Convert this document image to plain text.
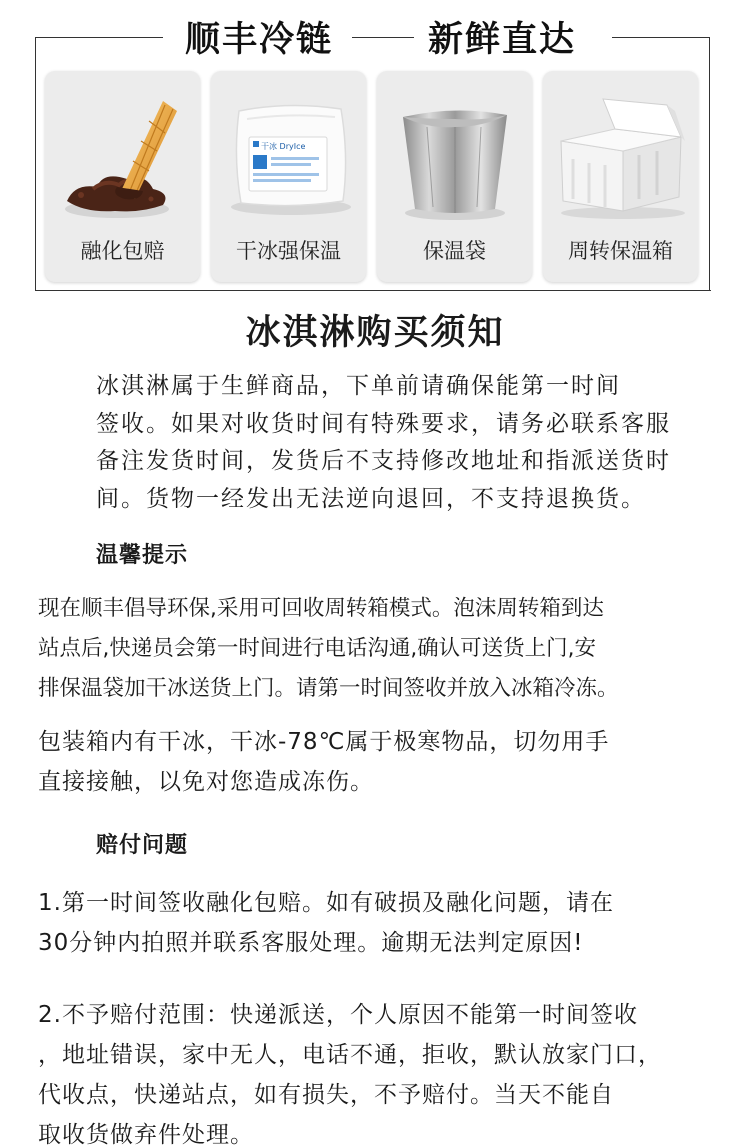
顺丰冷链	新鲜直达
融化包赔
干冰 DryIce
干冰强保温	保温袋	周转保温箱
冰淇淋购买须知
冰淇淋属于生鲜商品，下单前请确保能第一时间
签收。如果对收货时间有特殊要求，请务必联系客服
备注发货时间，发货后不支持修改地址和指派送货时
间。货物一经发出无法逆向退回，不支持退换货。
温馨提示
现在顺丰倡导环保,采用可回收周转箱模式。泡沫周转箱到达
站点后,快递员会第一时间进行电话沟通,确认可送货上门,安
排保温袋加干冰送货上门。请第一时间签收并放入冰箱冷冻。
包装箱内有干冰，干冰-78℃属于极寒物品，切勿用手
直接接触，以免对您造成冻伤。
赔付问题
1.第一时间签收融化包赔。如有破损及融化问题，请在
30分钟内拍照并联系客服处理。逾期无法判定原因!
2.不予赔付范围：快递派送，个人原因不能第一时间签收
，地址错误，家中无人，电话不通，拒收，默认放家门口，
代收点，快递站点，如有损失，不予赔付。当天不能自
取收货做弃件处理。
